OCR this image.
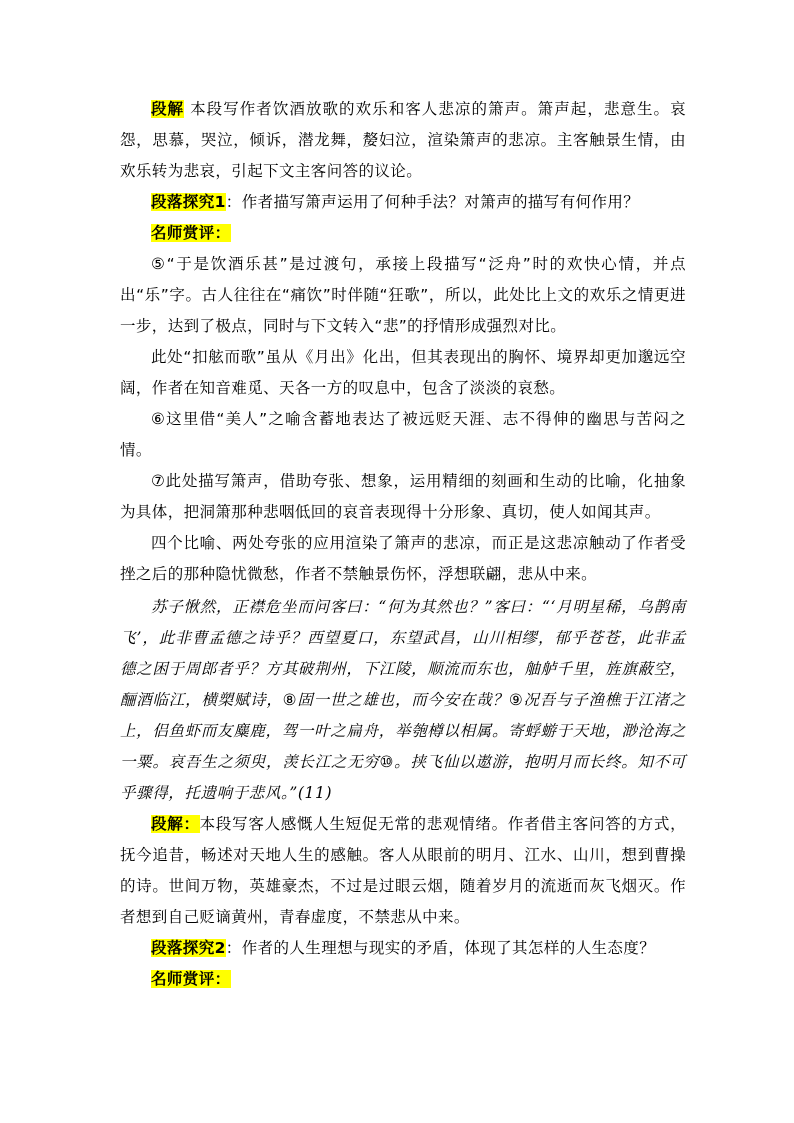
段解 本段写作者饮酒放歌的欢乐和客人悲凉的箫声。箫声起，悲意生。哀怨，思慕，哭泣，倾诉，潜龙舞，嫠妇泣，渲染箫声的悲凉。主客触景生情，由欢乐转为悲哀，引起下文主客问答的议论。

段落探究1：作者描写箫声运用了何种手法？对箫声的描写有何作用？

名师赏评：

⑤“于是饮酒乐甚”是过渡句，承接上段描写“泛舟”时的欢快心情，并点出“乐”字。古人往往在“痛饮”时伴随“狂歌”，所以，此处比上文的欢乐之情更进一步，达到了极点，同时与下文转入“悲”的抒情形成强烈对比。

此处“扣舷而歌”虽从《月出》化出，但其表现出的胸怀、境界却更加邈远空阔，作者在知音难觅、天各一方的叹息中，包含了淡淡的哀愁。

⑥这里借“美人”之喻含蓄地表达了被远贬天涯、志不得伸的幽思与苦闷之情。

⑦此处描写箫声，借助夸张、想象，运用精细的刻画和生动的比喻，化抽象为具体，把洞箫那种悲咽低回的哀音表现得十分形象、真切，使人如闻其声。

四个比喻、两处夸张的应用渲染了箫声的悲凉，而正是这悲凉触动了作者受挫之后的那种隐忧微愁，作者不禁触景伤怀，浮想联翩，悲从中来。

苏子愀然，正襟危坐而问客曰：“何为其然也？”客曰：“‘月明星稀，乌鹊南飞’，此非曹孟德之诗乎？西望夏口，东望武昌，山川相缪，郁乎苍苍，此非孟德之困于周郎者乎？方其破荆州，下江陵，顺流而东也，舳舻千里，旌旗蔽空，酾酒临江，横槊赋诗，⑧固一世之雄也，而今安在哉？⑨况吾与子渔樵于江渚之上，侣鱼虾而友麋鹿，驾一叶之扁舟，举匏樽以相属。寄蜉蝣于天地，渺沧海之一粟。哀吾生之须臾，羡长江之无穷⑩。挟飞仙以遨游，抱明月而长终。知不可乎骤得，托遗响于悲风。”(11)

段解：本段写客人感慨人生短促无常的悲观情绪。作者借主客问答的方式，抚今追昔，畅述对天地人生的感触。客人从眼前的明月、江水、山川，想到曹操的诗。世间万物，英雄豪杰，不过是过眼云烟，随着岁月的流逝而灰飞烟灭。作者想到自己贬谪黄州，青春虚度，不禁悲从中来。

段落探究2：作者的人生理想与现实的矛盾，体现了其怎样的人生态度？

名师赏评：
